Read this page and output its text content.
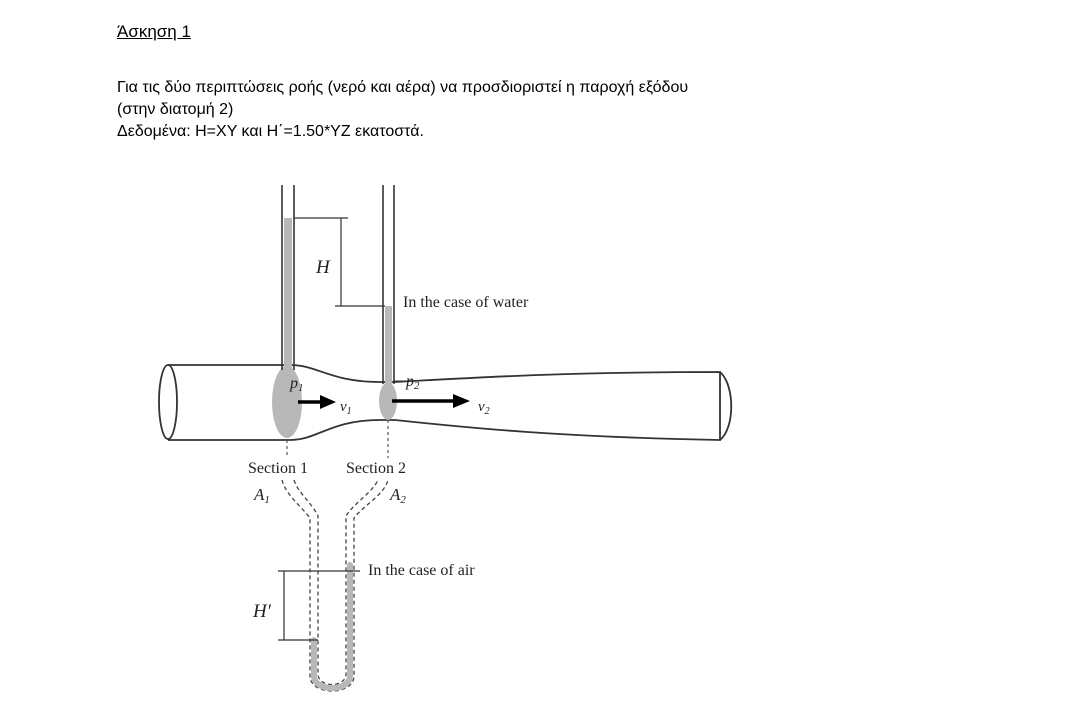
Άσκηση 1
Για τις δύο περιπτώσεις ροής (νερό και αέρα) να προσδιοριστεί η παροχή εξόδου
(στην διατομή 2)
Δεδομένα: H=XY και H΄=1.50*YZ εκατοστά.
H
In the case of water
p1
$v_1$
p2
$v_2$
Section 1 Section 2
A1	A2
H′
In the case of air
